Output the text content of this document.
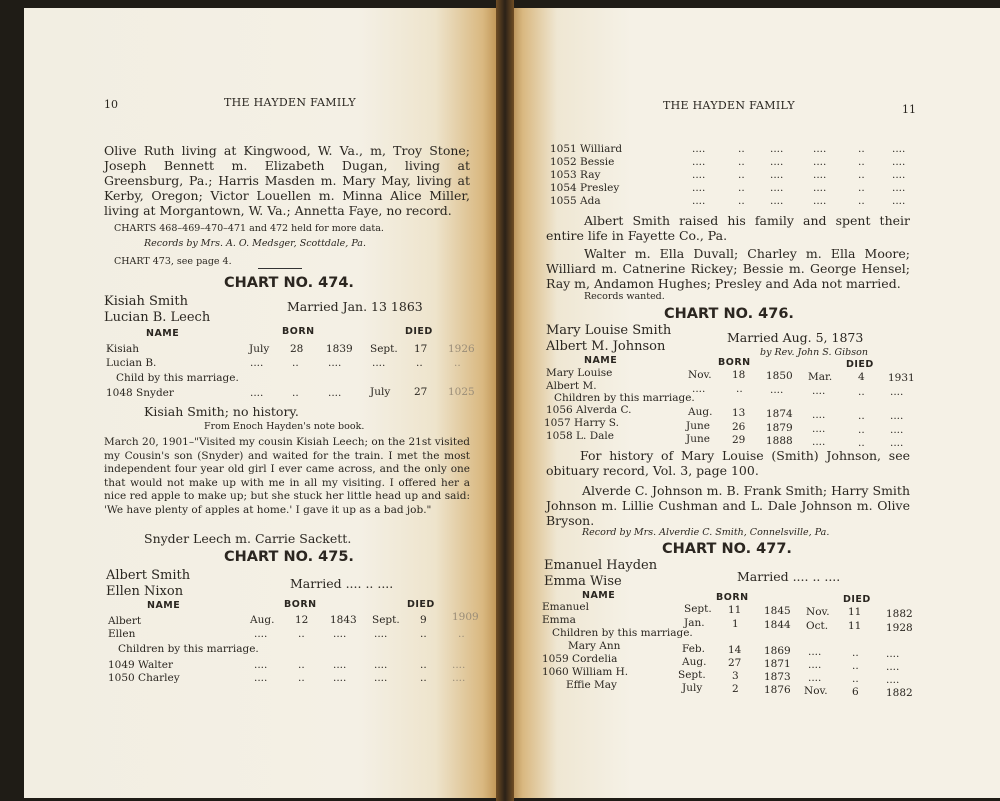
10	THE HAYDEN FAMILY
Olive Ruth living at Kingwood, W. Va., m, Troy Stone; Joseph Bennett m. Elizabeth Dugan, living at Greensburg, Pa.; Harris Masden m. Mary May, living at Kerby, Oregon; Victor Louellen m. Minna Alice Miller, living at Morgantown, W. Va.; Annetta Faye, no record.
CHARTS 468–469–470–471 and 472 held for more data.
Records by Mrs. A. O. Medsger, Scottdale, Pa.
CHART 473, see page 4.
CHART NO. 474.
Kisiah Smith
Lucian B. Leech
Married Jan. 13 1863
NAME	BORN	DIED
Kisiah	July 28 1839 Sept. 17 1926
Lucian B.	....	..	....	....	..	..
Child by this marriage.
1048 Snyder	....	..	....	July 27 1025
Kisiah Smith; no history.
From Enoch Hayden's note book.
March 20, 1901–"Visited my cousin Kisiah Leech; on the 21st visited my Cousin's son (Snyder) and waited for the train. I met the most independent four year old girl I ever came across, and the only one that would not make up with me in all my visiting. I offered her a nice red apple to make up; but she stuck her little head up and said: 'We have plenty of apples at home.' I gave it up as a bad job."
Snyder Leech m. Carrie Sackett.
CHART NO. 475.
Albert Smith
Ellen Nixon
Married .... .. ....
NAME	BORN	DIED
Albert	Aug. 12 1843 Sept. 9 1909
Ellen	....	..	....	....	..	..
Children by this marriage.
1049 Walter	....	..	....	....	.. ....
1050 Charley	....	..	....	....	.. ....
THE HAYDEN FAMILY	11
1051 Williard	....	.. ....	....	..	....
1052 Bessie	....	.. ....	....	..	....
1053 Ray	....	.. ....	....	..	....
1054 Presley	....	.. ....	....	..	....
1055 Ada	....	.. ....	....	..	....
Albert Smith raised his family and spent their entire life in Fayette Co., Pa.
Walter m. Ella Duvall; Charley m. Ella Moore; Williard m. Catnerine Rickey; Bessie m. George Hensel; Ray m, Andamon Hughes; Presley and Ada not married.
Records wanted.
CHART NO. 476.
Mary Louise Smith
Albert M. Johnson
Married Aug. 5, 1873
by Rev. John S. Gibson
NAME	BORN	DIED
Mary Louise	Nov. 18 1850 Mar. 4 1931
Albert M.	....	..	....	....	.. ....
Children by this marriage.
1056 Alverda C.	Aug. 13 1874 ....	.. ....
1057 Harry S.	June 26 1879 ....	.. ....
1058 L. Dale	June 29 1888 ....	.. ....
For history of Mary Louise (Smith) Johnson, see obituary record, Vol. 3, page 100.
Alverde C. Johnson m. B. Frank Smith; Harry Smith Johnson m. Lillie Cushman and L. Dale Johnson m. Olive Bryson.
Record by Mrs. Alverdie C. Smith, Connelsville, Pa.
CHART NO. 477.
Emanuel Hayden
Emma Wise	Married .... .. ....
NAME	BORN	DIED
Emanuel	Sept. 11 1845 Nov. 11 1882
Emma	Jan.	1 1844 Oct. 11 1928
Children by this marriage.
Mary Ann	Feb. 14 1869 ....	..	....
1059 Cordelia	Aug. 27 1871 ....	..	....
1060 William H.	Sept.	3 1873 ....	..	....
Effie May	July	2 1876 Nov. 6	1882
